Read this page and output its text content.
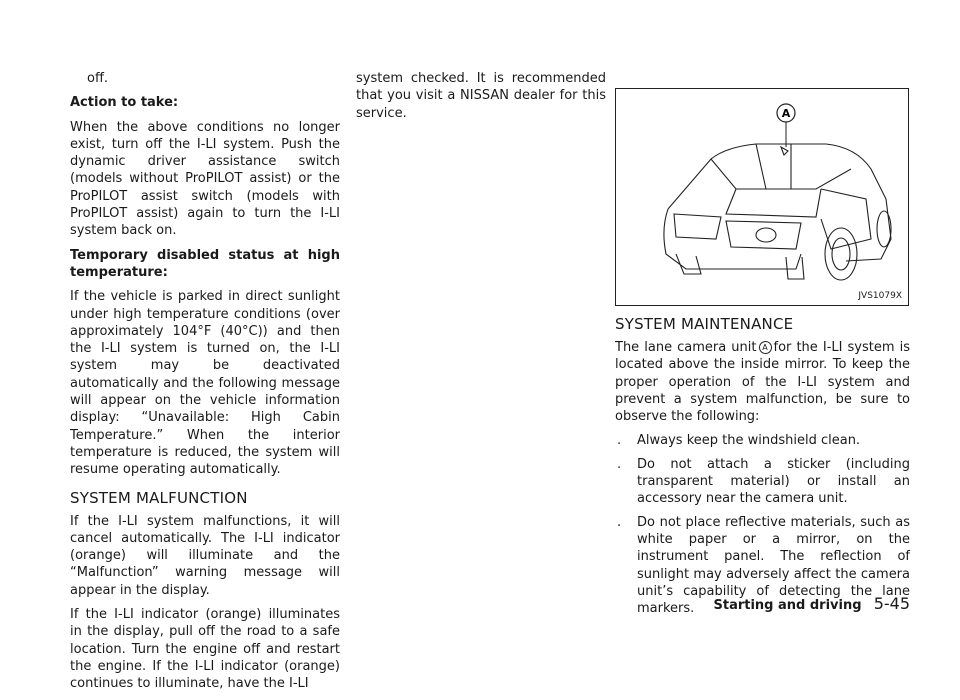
off.

Action to take:

When the above conditions no longer exist, turn off the I-LI system. Push the dynamic driver assistance switch (models without ProPILOT assist) or the ProPILOT assist switch (models with ProPILOT assist) again to turn the I-LI system back on.

Temporary disabled status at high temperature:

If the vehicle is parked in direct sunlight under high temperature conditions (over approximately 104°F (40°C)) and then the I-LI system is turned on, the I-LI system may be deactivated automatically and the following message will appear on the vehicle information display: “Unavailable: High Cabin Temperature.” When the interior temperature is reduced, the system will resume operating automatically.

SYSTEM MALFUNCTION

If the I-LI system malfunctions, it will cancel automatically. The I-LI indicator (orange) will illuminate and the “Malfunction” warning message will appear in the display.

If the I-LI indicator (orange) illuminates in the display, pull off the road to a safe location. Turn the engine off and restart the engine. If the I-LI indicator (orange) continues to illuminate, have the I-LI

system checked. It is recommended that you visit a NISSAN dealer for this service.	A
JVS1079X
SYSTEM MAINTENANCE

The lane camera unit A for the I-LI system is located above the inside mirror. To keep the proper operation of the I-LI system and prevent a system malfunction, be sure to observe the following:

. Always keep the windshield clean.
. Do not attach a sticker (including transparent material) or install an accessory near the camera unit.
. Do not place reflective materials, such as white paper or a mirror, on the instrument panel. The reflection of sunlight may adversely affect the camera unit’s capability of detecting the lane markers.	Starting and driving 5-45
